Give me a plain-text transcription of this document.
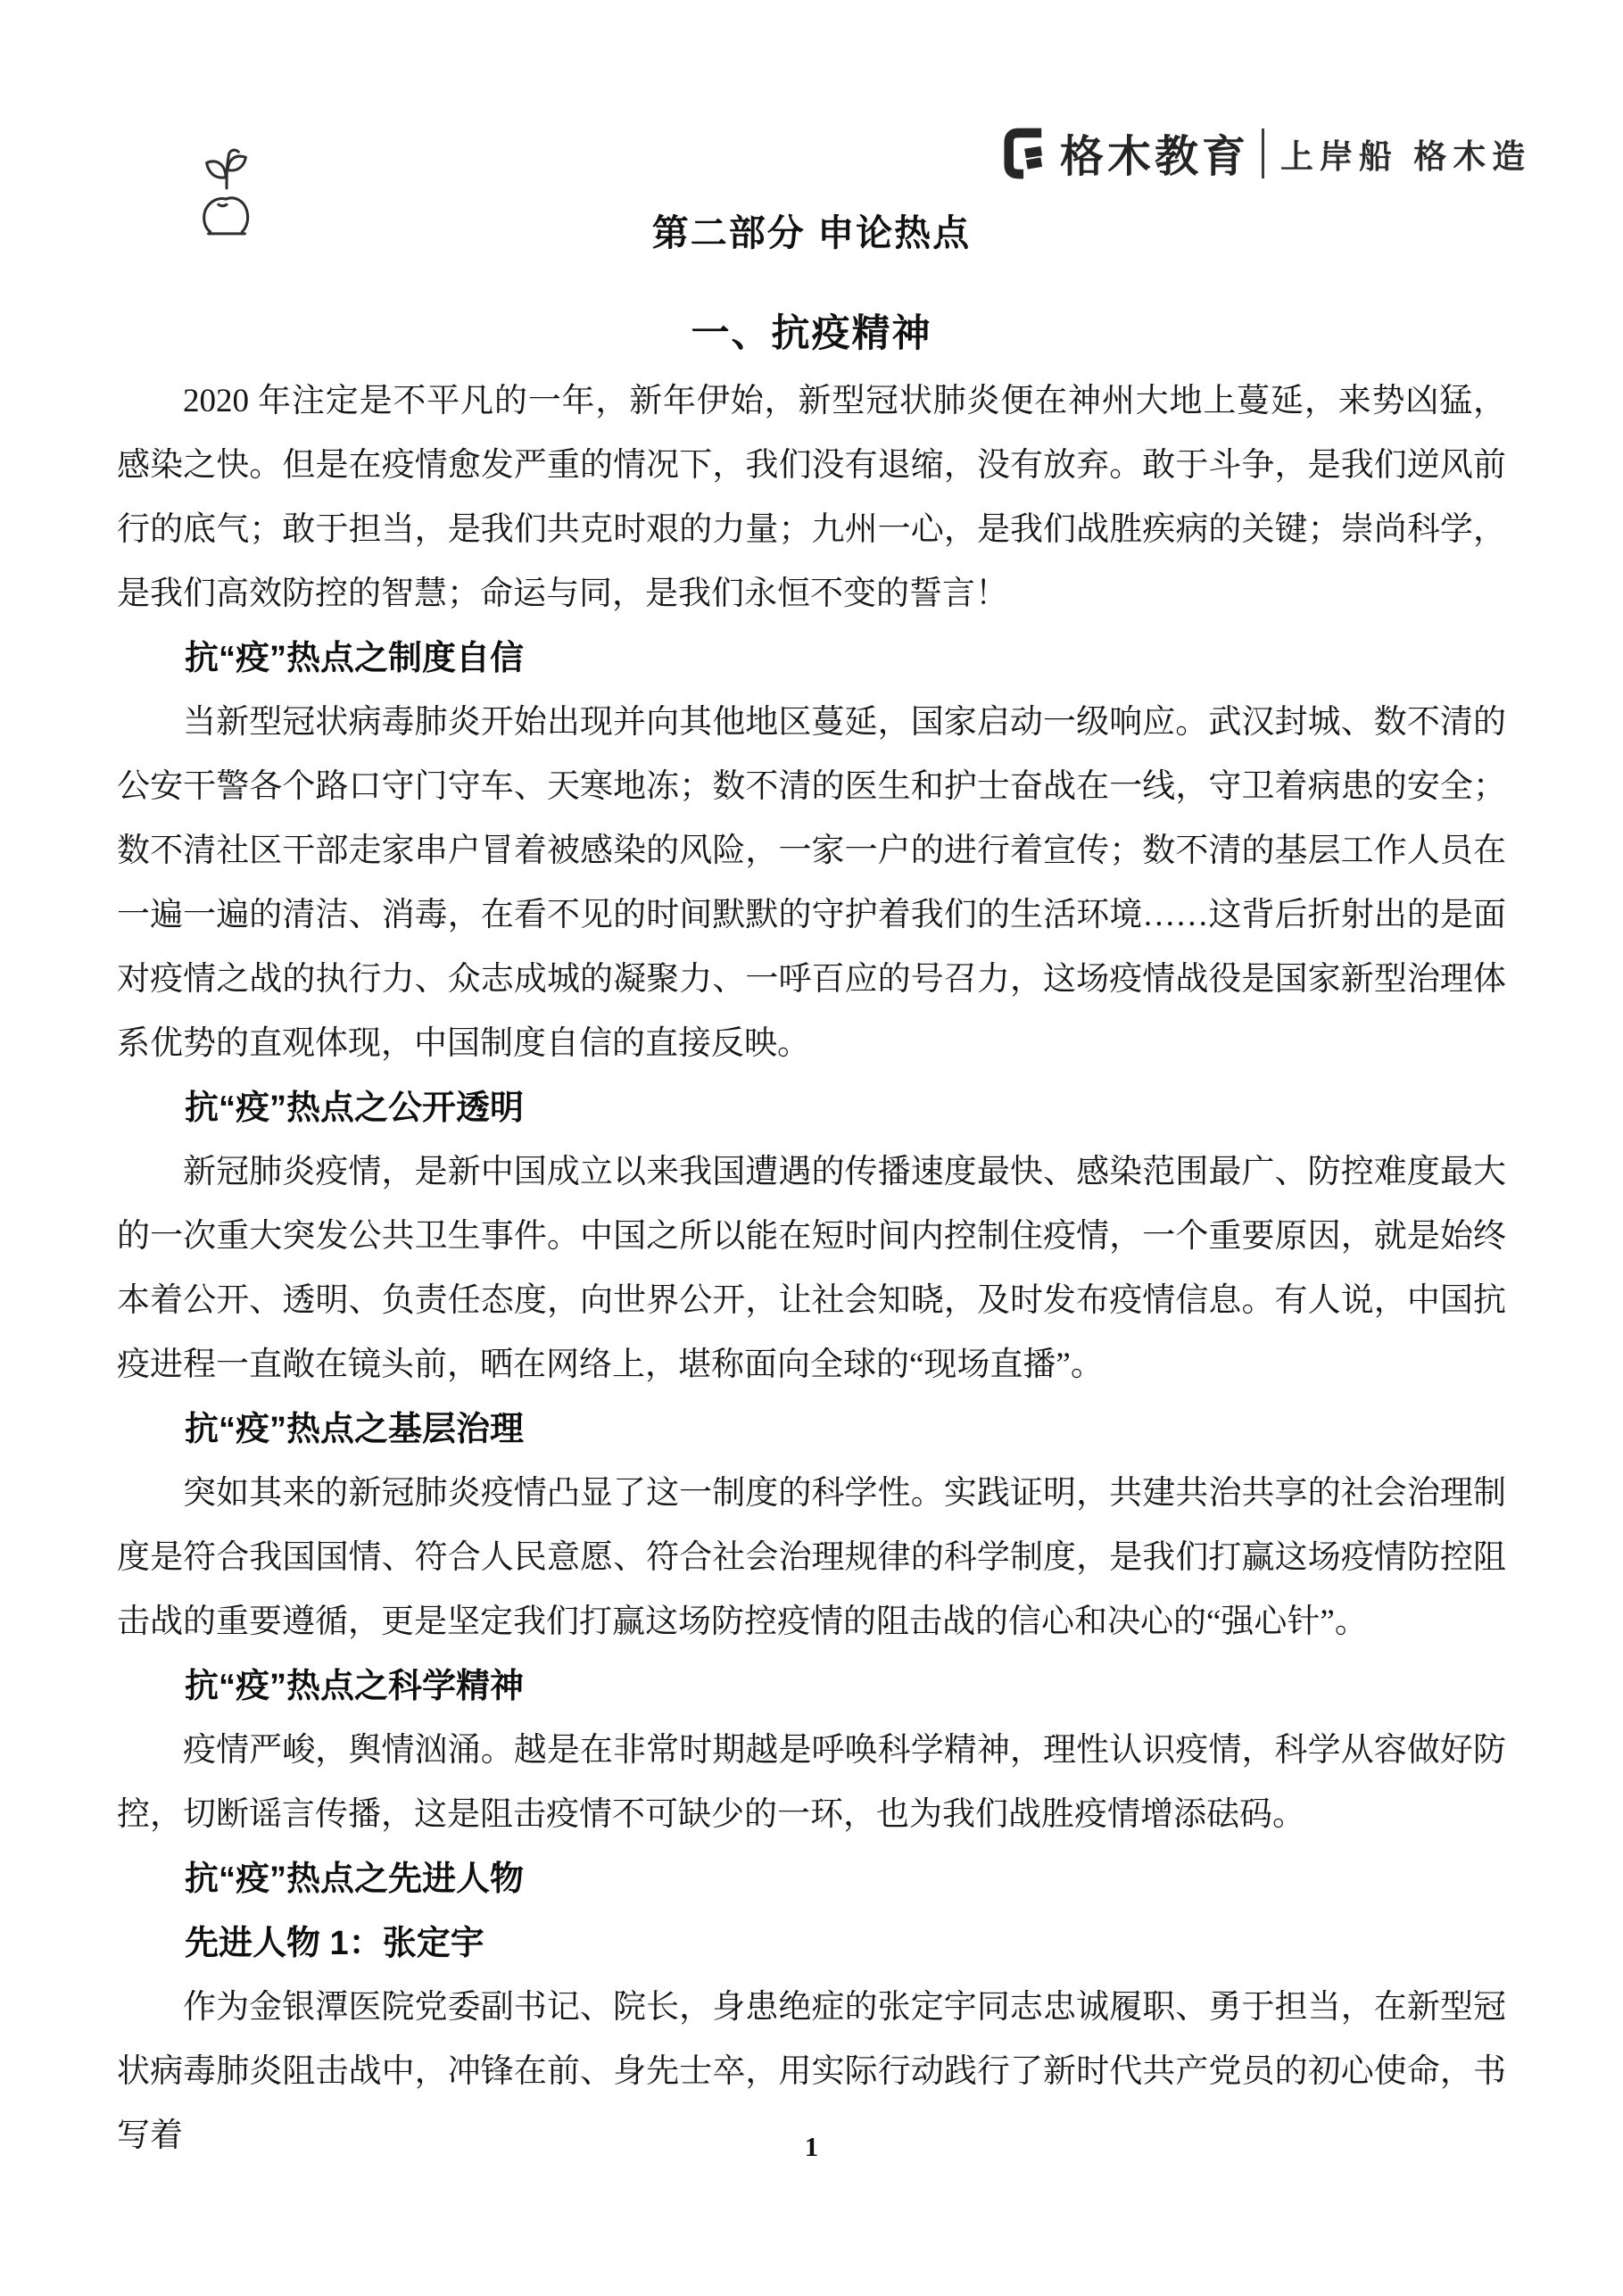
格木教育 上岸船 格木造
第二部分 申论热点
一、抗疫精神

2020 年注定是不平凡的一年，新年伊始，新型冠状肺炎便在神州大地上蔓延，来势凶猛，感染之快。但是在疫情愈发严重的情况下，我们没有退缩，没有放弃。敢于斗争，是我们逆风前行的底气；敢于担当，是我们共克时艰的力量；九州一心，是我们战胜疾病的关键；崇尚科学，是我们高效防控的智慧；命运与同，是我们永恒不变的誓言！

抗“疫”热点之制度自信

当新型冠状病毒肺炎开始出现并向其他地区蔓延，国家启动一级响应。武汉封城、数不清的公安干警各个路口守门守车、天寒地冻；数不清的医生和护士奋战在一线，守卫着病患的安全；数不清社区干部走家串户冒着被感染的风险，一家一户的进行着宣传；数不清的基层工作人员在一遍一遍的清洁、消毒，在看不见的时间默默的守护着我们的生活环境……这背后折射出的是面对疫情之战的执行力、众志成城的凝聚力、一呼百应的号召力，这场疫情战役是国家新型治理体系优势的直观体现，中国制度自信的直接反映。

抗“疫”热点之公开透明

新冠肺炎疫情，是新中国成立以来我国遭遇的传播速度最快、感染范围最广、防控难度最大的一次重大突发公共卫生事件。中国之所以能在短时间内控制住疫情，一个重要原因，就是始终本着公开、透明、负责任态度，向世界公开，让社会知晓，及时发布疫情信息。有人说，中国抗疫进程一直敞在镜头前，晒在网络上，堪称面向全球的“现场直播”。

抗“疫”热点之基层治理

突如其来的新冠肺炎疫情凸显了这一制度的科学性。实践证明，共建共治共享的社会治理制度是符合我国国情、符合人民意愿、符合社会治理规律的科学制度，是我们打赢这场疫情防控阻击战的重要遵循，更是坚定我们打赢这场防控疫情的阻击战的信心和决心的“强心针”。

抗“疫”热点之科学精神

疫情严峻，舆情汹涌。越是在非常时期越是呼唤科学精神，理性认识疫情，科学从容做好防控，切断谣言传播，这是阻击疫情不可缺少的一环，也为我们战胜疫情增添砝码。

抗“疫”热点之先进人物
先进人物 1：张定宇

作为金银潭医院党委副书记、院长，身患绝症的张定宇同志忠诚履职、勇于担当，在新型冠状病毒肺炎阻击战中，冲锋在前、身先士卒，用实际行动践行了新时代共产党员的初心使命，书写着	1
